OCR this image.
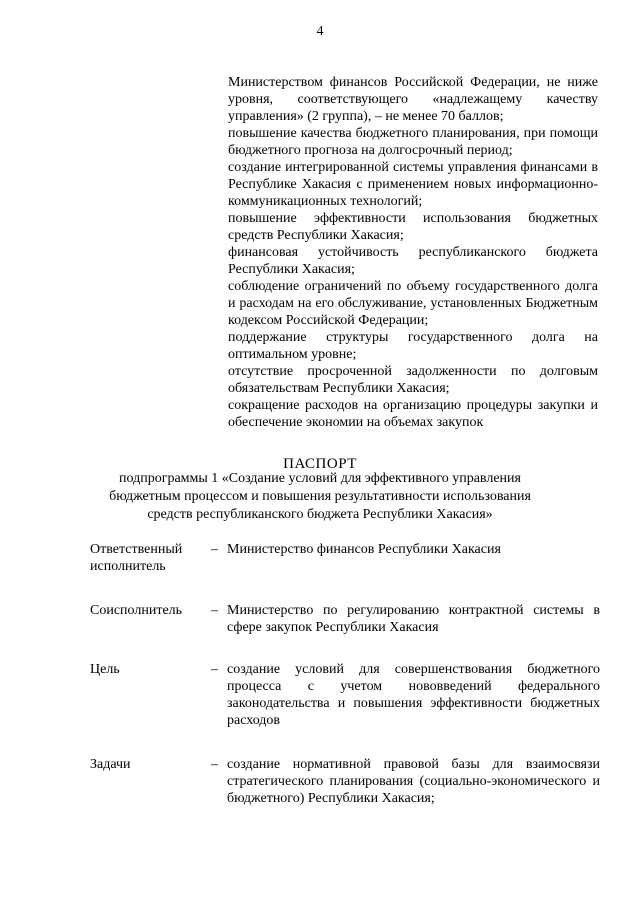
4
Министерством финансов Российской Федерации, не ниже
уровня, соответствующего «надлежащему качеству
управления» (2 группа), – не менее 70 баллов;
повышение качества бюджетного планирования, при помощи
бюджетного прогноза на долгосрочный период;
создание интегрированной системы управления финансами в
Республике Хакасия с применением новых информационно-
коммуникационных технологий;
повышение эффективности использования бюджетных
средств Республики Хакасия;
финансовая устойчивость республиканского бюджета
Республики Хакасия;
соблюдение ограничений по объему государственного долга
и расходам на его обслуживание, установленных Бюджетным
кодексом Российской Федерации;
поддержание структуры государственного долга на
оптимальном уровне;
отсутствие просроченной задолженности по долговым
обязательствам Республики Хакасия;
сокращение расходов на организацию процедуры закупки и
обеспечение экономии на объемах закупок
ПАСПОРТ
подпрограммы 1 «Создание условий для эффективного управления
бюджетным процессом и повышения результативности использования
средств республиканского бюджета Республики Хакасия»
Ответственный исполнитель
– Министерство финансов Республики Хакасия
Соисполнитель	– Министерство по регулированию контрактной системы в сфере закупок Республики Хакасия
Цель	– создание условий для совершенствования бюджетного процесса с учетом нововведений федерального законодательства и повышения эффективности бюджетных расходов
Задачи	– создание нормативной правовой базы для взаимосвязи стратегического планирования (социально-экономического и бюджетного) Республики Хакасия;
